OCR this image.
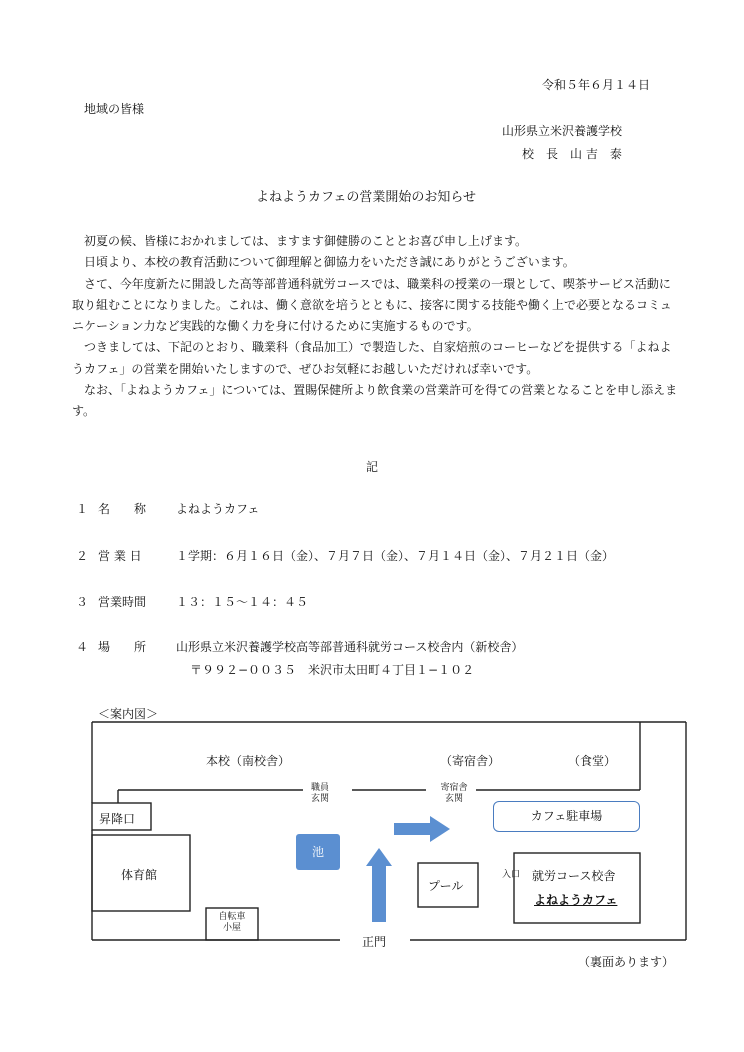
令和５年６月１４日
地域の皆様
山形県立米沢養護学校
校　長　山 吉　泰
よねようカフェの営業開始のお知らせ

初夏の候、皆様におかれましては、ますます御健勝のこととお喜び申し上げます。

日頃より、本校の教育活動について御理解と御協力をいただき誠にありがとうございます。

さて、今年度新たに開設した高等部普通科就労コースでは、職業科の授業の一環として、喫茶サービス活動に取り組むことになりました。これは、働く意欲を培うとともに、接客に関する技能や働く上で必要となるコミュニケーション力など実践的な働く力を身に付けるために実施するものです。

つきましては、下記のとおり、職業科（食品加工）で製造した、自家焙煎のコーヒーなどを提供する「よねようカフェ」の営業を開始いたしますので、ぜひお気軽にお越しいただければ幸いです。

なお、「よねようカフェ」については、置賜保健所より飲食業の営業許可を得ての営業となることを申し添えます。

記
１ 名　　称 よねようカフェ
２ 営 業 日	１学期：６月１６日（金）、７月７日（金）、７月１４日（金）、７月２１日（金）
３ 営業時間 １３：１５〜１４：４５
４ 場　　所 山形県立米沢養護学校高等部普通科就労コース校舎内（新校舎）
〒９９２−００３５　米沢市太田町４丁目１−１０２
＜案内図＞
本校（南校舎）	（寄宿舎）	（食堂）
職員
玄関
寄宿舎
玄関
昇降口	カフェ駐車場
体育館
池
プール
入口 就労コース校舎
よねようカフェ
自転車
小屋
正門
（裏面あります）
